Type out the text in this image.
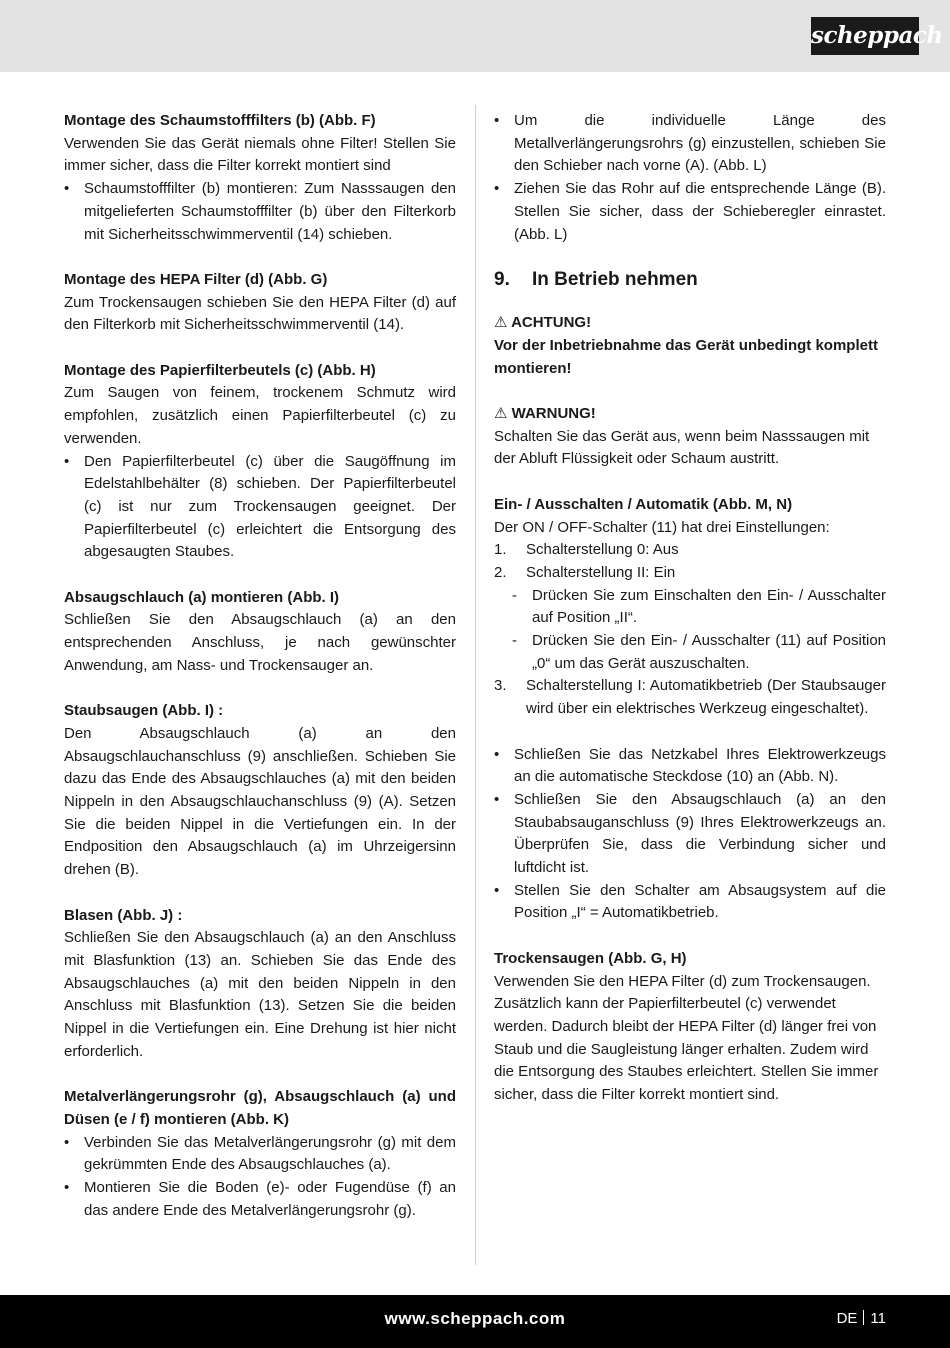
scheppach

Montage des Schaumstofffilters (b) (Abb. F)

Verwenden Sie das Gerät niemals ohne Filter! Stellen Sie immer sicher, dass die Filter korrekt montiert sind

• Schaumstofffilter (b) montieren: Zum Nasssaugen den mitgelieferten Schaumstofffilter (b) über den Filterkorb mit Sicherheitsschwimmerventil (14) schieben.

Montage des HEPA Filter (d) (Abb. G)

Zum Trockensaugen schieben Sie den HEPA Filter (d) auf den Filterkorb mit Sicherheitsschwimmerventil (14).

Montage des Papierfilterbeutels (c) (Abb. H)

Zum Saugen von feinem, trockenem Schmutz wird empfohlen, zusätzlich einen Papierfilterbeutel (c) zu verwenden.

• Den Papierfilterbeutel (c) über die Saugöffnung im Edelstahlbehälter (8) schieben. Der Papierfilterbeutel (c) ist nur zum Trockensaugen geeignet. Der Papierfilterbeutel (c) erleichtert die Entsorgung des abgesaugten Staubes.

Absaugschlauch (a) montieren (Abb. I)

Schließen Sie den Absaugschlauch (a) an den entsprechenden Anschluss, je nach gewünschter Anwendung, am Nass- und Trockensauger an.

Staubsaugen (Abb. I) :

Den Absaugschlauch (a) an den Absaugschlauchanschluss (9) anschließen. Schieben Sie dazu das Ende des Absaugschlauches (a) mit den beiden Nippeln in den Absaugschlauchanschluss (9) (A). Setzen Sie die beiden Nippel in die Vertiefungen ein. In der Endposition den Absaugschlauch (a) im Uhrzeigersinn drehen (B).

Blasen (Abb. J) :

Schließen Sie den Absaugschlauch (a) an den Anschluss mit Blasfunktion (13) an. Schieben Sie das Ende des Absaugschlauches (a) mit den beiden Nippeln in den Anschluss mit Blasfunktion (13). Setzen Sie die beiden Nippel in die Vertiefungen ein. Eine Drehung ist hier nicht erforderlich.

Metalverlängerungsrohr (g), Absaugschlauch (a) und Düsen (e / f) montieren (Abb. K)

• Verbinden Sie das Metalverlängerungsrohr (g) mit dem gekrümmten Ende des Absaugschlauches (a).
• Montieren Sie die Boden (e)- oder Fugendüse (f) an das andere Ende des Metalverlängerungsrohr (g).
• Um die individuelle Länge des Metallverlängerungsrohrs (g) einzustellen, schieben Sie den Schieber nach vorne (A). (Abb. L)
• Ziehen Sie das Rohr auf die entsprechende Länge (B). Stellen Sie sicher, dass der Schieberegler einrastet. (Abb. L)

9. In Betrieb nehmen

⚠ ACHTUNG!

Vor der Inbetriebnahme das Gerät unbedingt komplett montieren!

⚠ WARNUNG!

Schalten Sie das Gerät aus, wenn beim Nasssaugen mit der Abluft Flüssigkeit oder Schaum austritt.

Ein- / Ausschalten / Automatik (Abb. M, N)

Der ON / OFF-Schalter (11) hat drei Einstellungen:

1. Schalterstellung 0: Aus
2. Schalterstellung II: Ein
- Drücken Sie zum Einschalten den Ein- / Ausschalter auf Position „II“.
- Drücken Sie den Ein- / Ausschalter (11) auf Position „0“ um das Gerät auszuschalten.
3. Schalterstellung I: Automatikbetrieb (Der Staubsauger wird über ein elektrisches Werkzeug eingeschaltet).
• Schließen Sie das Netzkabel Ihres Elektrowerkzeugs an die automatische Steckdose (10) an (Abb. N).
• Schließen Sie den Absaugschlauch (a) an den Staubabsauganschluss (9) Ihres Elektrowerkzeugs an. Überprüfen Sie, dass die Verbindung sicher und luftdicht ist.
• Stellen Sie den Schalter am Absaugsystem auf die Position „I“ = Automatikbetrieb.

Trockensaugen (Abb. G, H)

Verwenden Sie den HEPA Filter (d) zum Trockensaugen. Zusätzlich kann der Papierfilterbeutel (c) verwendet werden. Dadurch bleibt der HEPA Filter (d) länger frei von Staub und die Saugleistung länger erhalten. Zudem wird die Entsorgung des Staubes erleichtert. Stellen Sie immer sicher, dass die Filter korrekt montiert sind.

www.scheppach.com	DE 11
